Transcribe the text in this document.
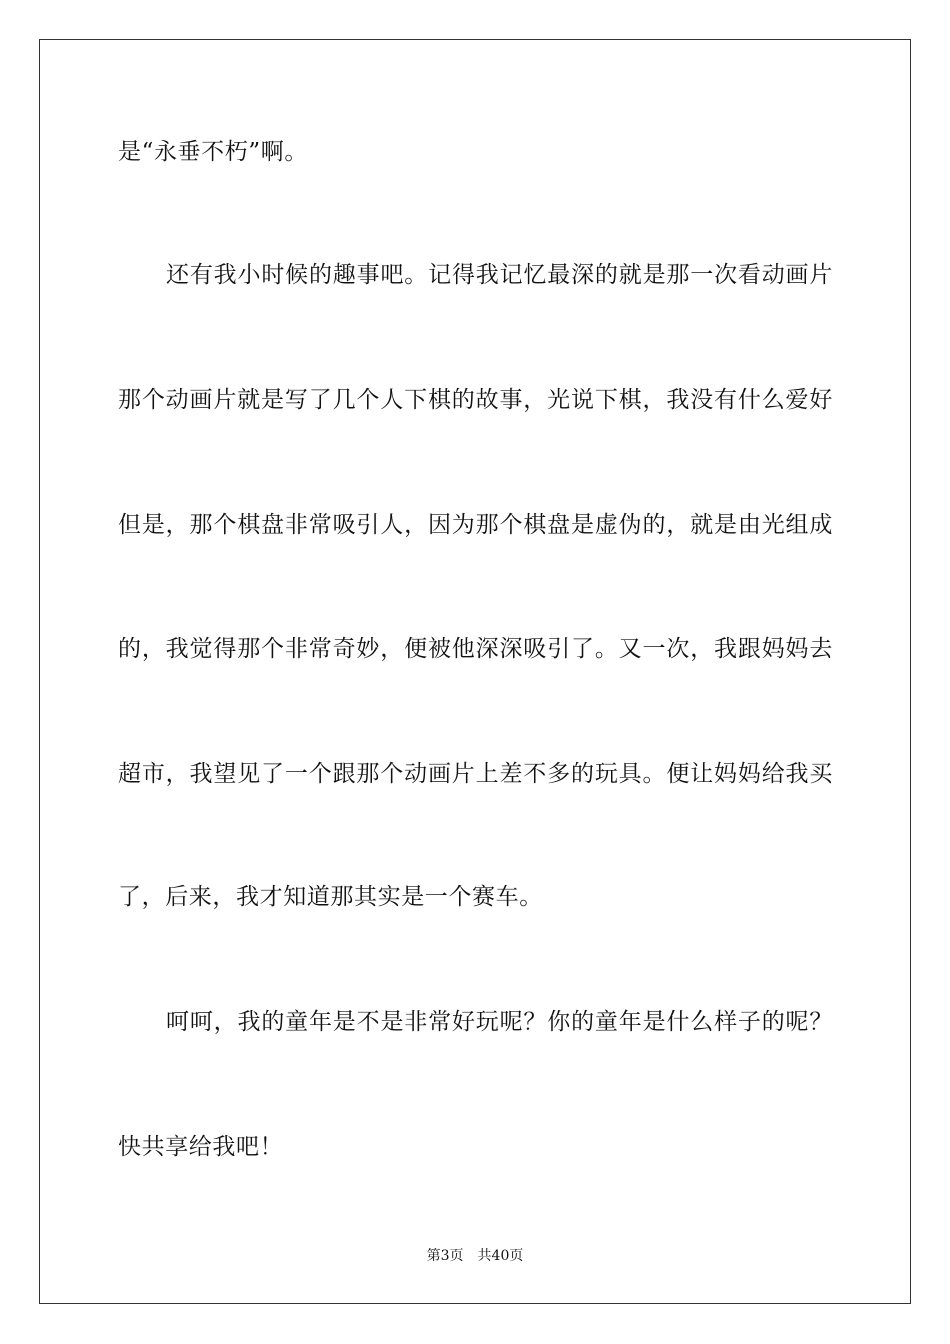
是“永垂不朽”啊。
还有我小时候的趣事吧。记得我记忆最深的就是那一次看动画片
那个动画片就是写了几个人下棋的故事，光说下棋，我没有什么爱好
但是，那个棋盘非常吸引人，因为那个棋盘是虚伪的，就是由光组成
的，我觉得那个非常奇妙，便被他深深吸引了。又一次，我跟妈妈去
超市，我望见了一个跟那个动画片上差不多的玩具。便让妈妈给我买
了，后来，我才知道那其实是一个赛车。
呵呵，我的童年是不是非常好玩呢？你的童年是什么样子的呢？
快共享给我吧！
第3页 共40页
